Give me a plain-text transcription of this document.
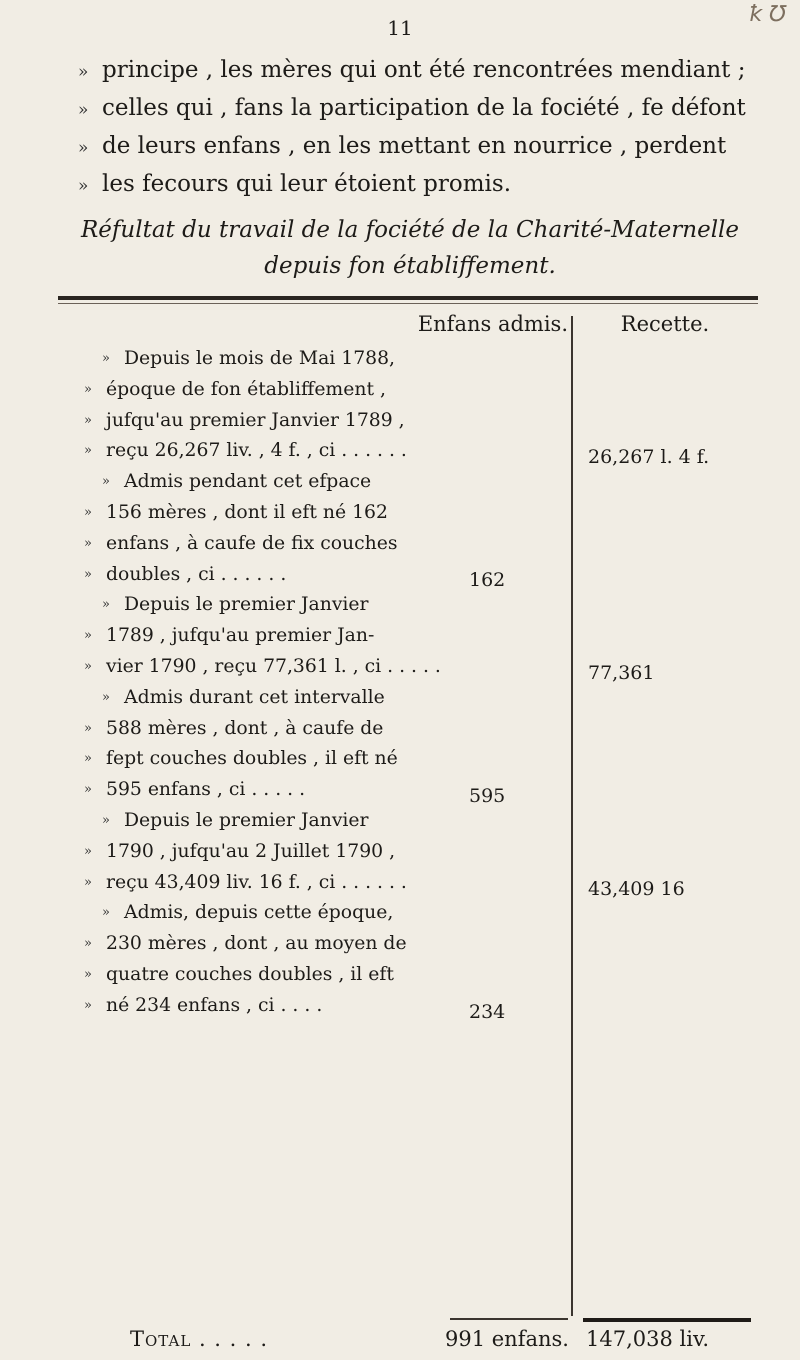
11
ꝁ ℧
» principe , les mères qui ont été rencontrées mendiant ;
» celles qui , fans la participation de la fociété , fe défont
» de leurs enfans , en les mettant en nourrice , perdent
» les fecours qui leur étoient promis.
Réfultat du travail de la fociété de la Charité-Maternelle
depuis fon établiffement.
Enfans admis.	Recette.
» Depuis le mois de Mai 1788,
» époque de fon établiffement ,
» jufqu'au premier Janvier 1789 ,
» reçu 26,267 liv. , 4 f. , ci . . . . . .
» Admis pendant cet efpace
» 156 mères , dont il eft né 162
» enfans , à caufe de fix couches
» doubles , ci . . . . . .
» Depuis le premier Janvier
» 1789 , jufqu'au premier Jan-
» vier 1790 , reçu 77,361 l. , ci . . . . .
» Admis durant cet intervalle
» 588 mères , dont , à caufe de
» fept couches doubles , il eft né
» 595 enfans , ci . . . . .
» Depuis le premier Janvier
» 1790 , jufqu'au 2 Juillet 1790 ,
» reçu 43,409 liv. 16 f. , ci . . . . . .
» Admis, depuis cette époque,
» 230 mères , dont , au moyen de
» quatre couches doubles , il eft
» né 234 enfans , ci . . . .
162
595
234
26,267 l. 4 f.
77,361
43,409 16
Total . . . . .	991 enfans. 147,038 liv.
